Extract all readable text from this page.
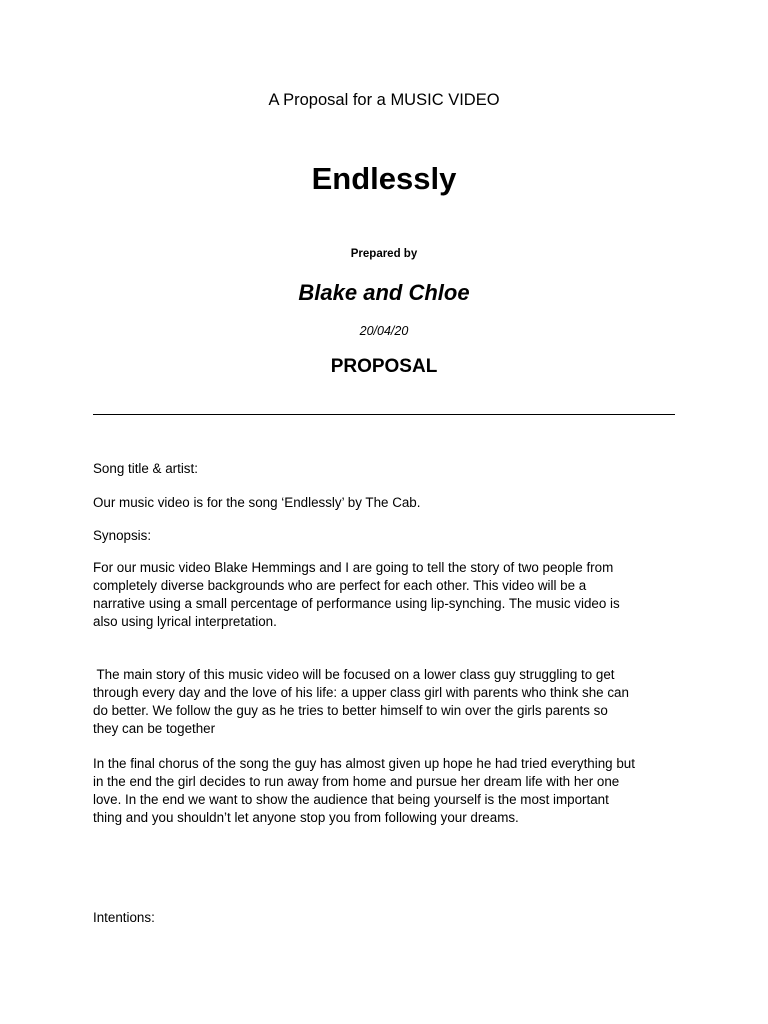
A Proposal for a MUSIC VIDEO
Endlessly
Prepared by
Blake and Chloe
20/04/20
PROPOSAL

Song title & artist:

Our music video is for the song ‘Endlessly’ by The Cab.

Synopsis:

For our music video Blake Hemmings and I are going to tell the story of two people from
completely diverse backgrounds who are perfect for each other. This video will be a
narrative using a small percentage of performance using lip-synching. The music video is
also using lyrical interpretation.
The main story of this music video will be focused on a lower class guy struggling to get
through every day and the love of his life: a upper class girl with parents who think she can
do better. We follow the guy as he tries to better himself to win over the girls parents so
they can be together
In the final chorus of the song the guy has almost given up hope he had tried everything but
in the end the girl decides to run away from home and pursue her dream life with her one
love. In the end we want to show the audience that being yourself is the most important
thing and you shouldn’t let anyone stop you from following your dreams.

Intentions:
